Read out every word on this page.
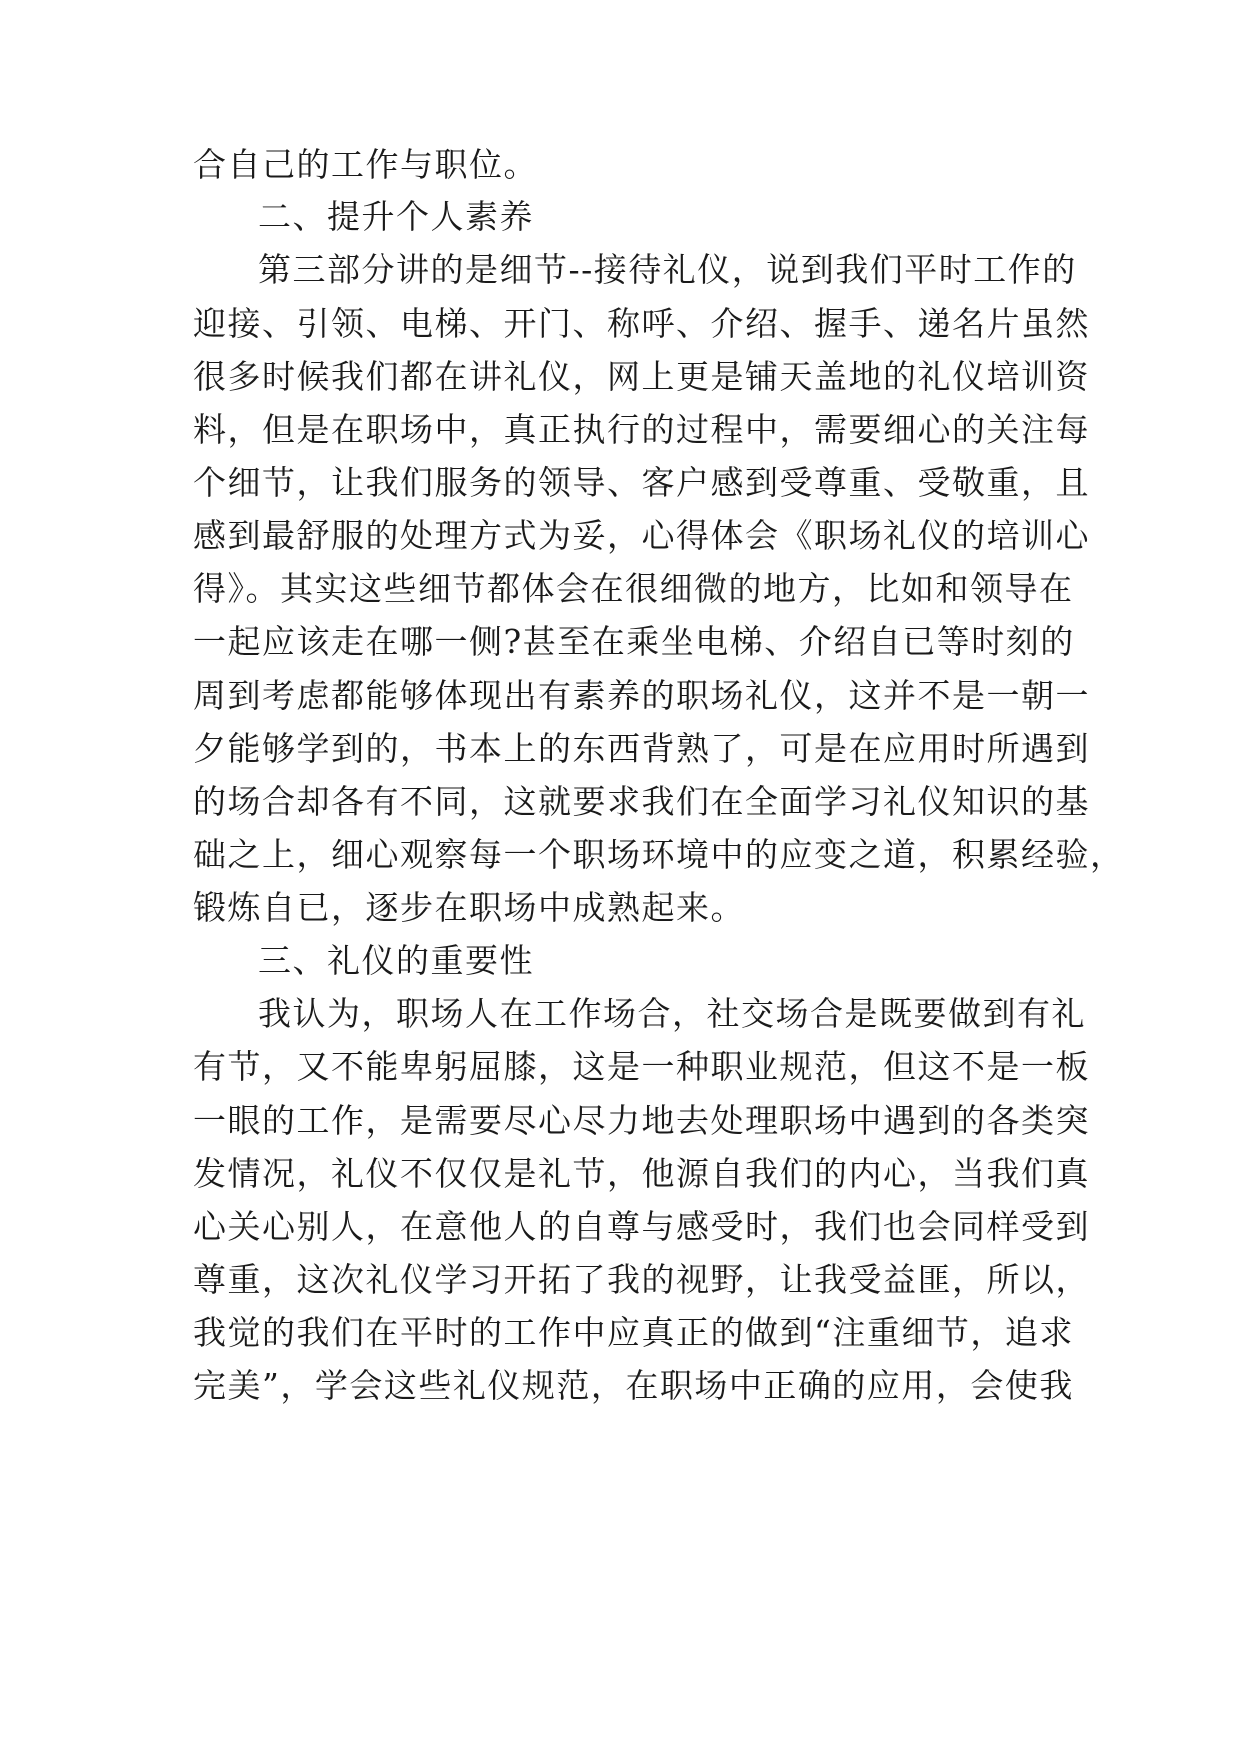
合自己的工作与职位。
二、提升个人素养
第三部分讲的是细节--接待礼仪，说到我们平时工作的
迎接、引领、电梯、开门、称呼、介绍、握手、递名片虽然
很多时候我们都在讲礼仪，网上更是铺天盖地的礼仪培训资
料，但是在职场中，真正执行的过程中，需要细心的关注每
个细节，让我们服务的领导、客户感到受尊重、受敬重，且
感到最舒服的处理方式为妥，心得体会《职场礼仪的培训心
得》。其实这些细节都体会在很细微的地方，比如和领导在
一起应该走在哪一侧?甚至在乘坐电梯、介绍自已等时刻的
周到考虑都能够体现出有素养的职场礼仪，这并不是一朝一
夕能够学到的，书本上的东西背熟了，可是在应用时所遇到
的场合却各有不同，这就要求我们在全面学习礼仪知识的基
础之上，细心观察每一个职场环境中的应变之道，积累经验，
锻炼自已，逐步在职场中成熟起来。
三、礼仪的重要性
我认为，职场人在工作场合，社交场合是既要做到有礼
有节，又不能卑躬屈膝，这是一种职业规范，但这不是一板
一眼的工作，是需要尽心尽力地去处理职场中遇到的各类突
发情况，礼仪不仅仅是礼节，他源自我们的内心，当我们真
心关心别人，在意他人的自尊与感受时，我们也会同样受到
尊重，这次礼仪学习开拓了我的视野，让我受益匪，所以，
我觉的我们在平时的工作中应真正的做到“注重细节，追求
完美”，学会这些礼仪规范，在职场中正确的应用，会使我
